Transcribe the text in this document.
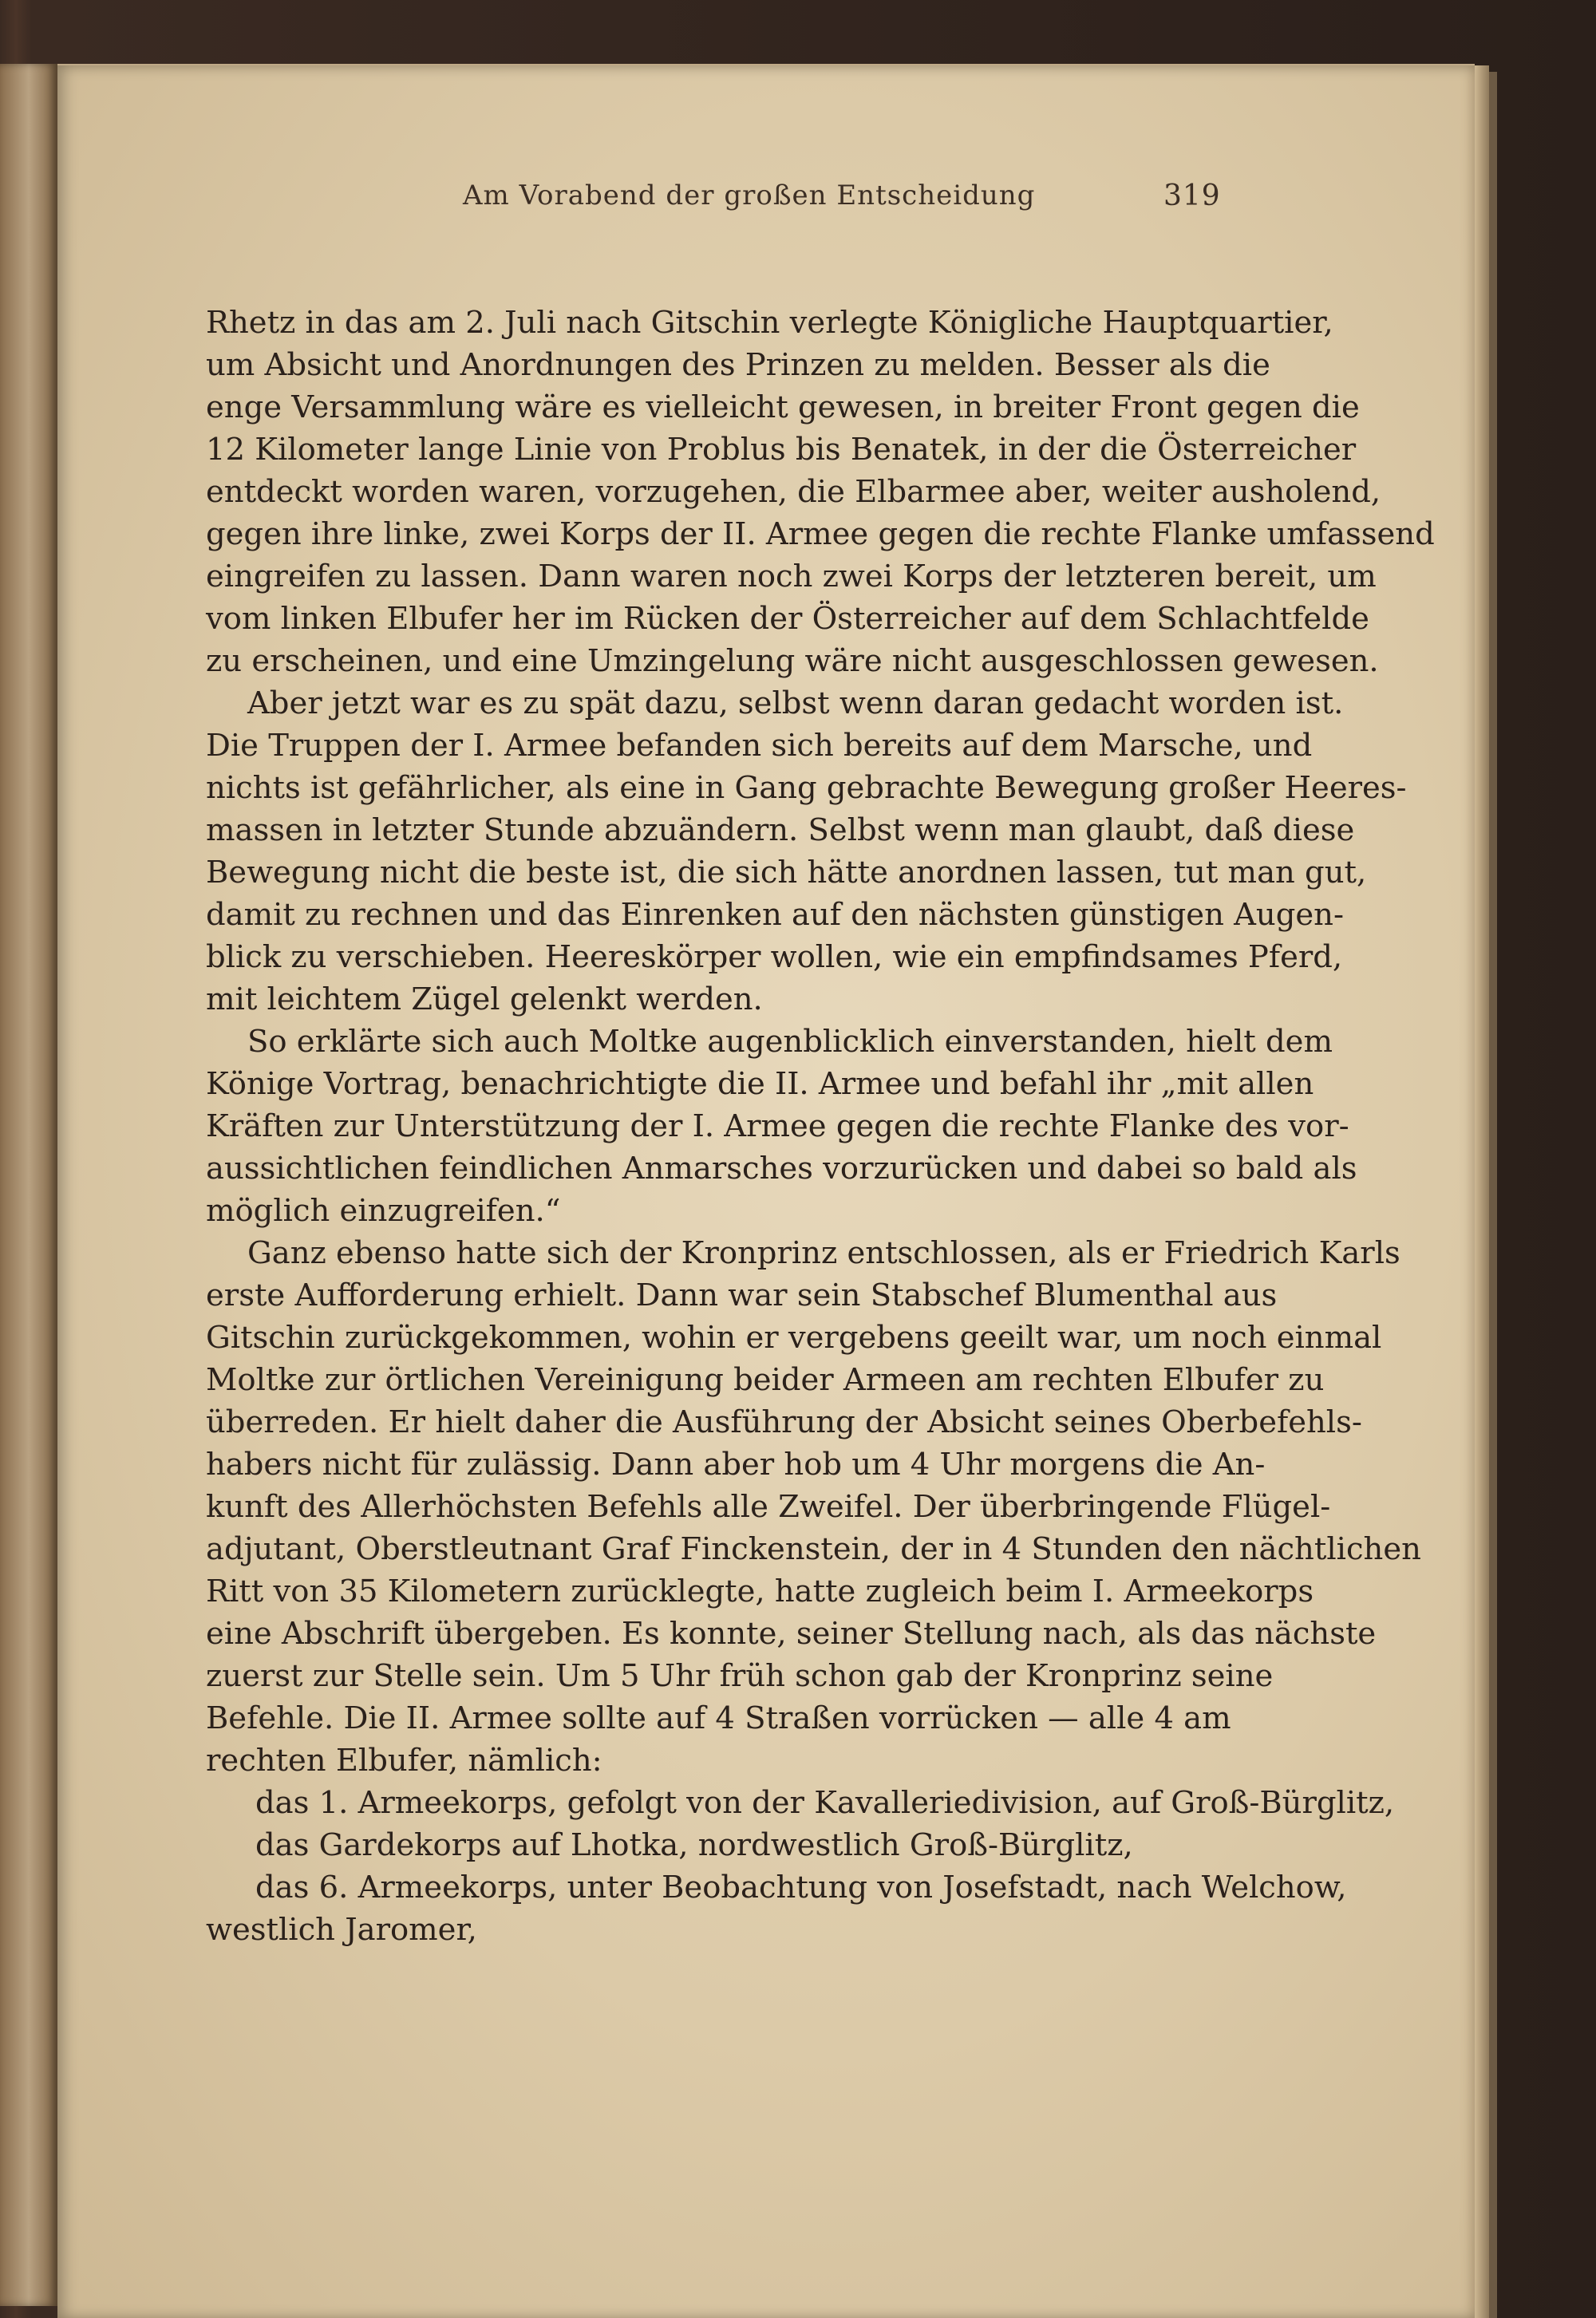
Am Vorabend der großen Entscheidung	319
Rhetz in das am 2. Juli nach Gitschin verlegte Königliche Hauptquartier,
um Absicht und Anordnungen des Prinzen zu melden. Besser als die
enge Versammlung wäre es vielleicht gewesen, in breiter Front gegen die
12 Kilometer lange Linie von Problus bis Benatek, in der die Österreicher
entdeckt worden waren, vorzugehen, die Elbarmee aber, weiter ausholend,
gegen ihre linke, zwei Korps der II. Armee gegen die rechte Flanke umfassend
eingreifen zu lassen. Dann waren noch zwei Korps der letzteren bereit, um
vom linken Elbufer her im Rücken der Österreicher auf dem Schlachtfelde
zu erscheinen, und eine Umzingelung wäre nicht ausgeschlossen gewesen.
Aber jetzt war es zu spät dazu, selbst wenn daran gedacht worden ist.
Die Truppen der I. Armee befanden sich bereits auf dem Marsche, und
nichts ist gefährlicher, als eine in Gang gebrachte Bewegung großer Heeres-
massen in letzter Stunde abzuändern. Selbst wenn man glaubt, daß diese
Bewegung nicht die beste ist, die sich hätte anordnen lassen, tut man gut,
damit zu rechnen und das Einrenken auf den nächsten günstigen Augen-
blick zu verschieben. Heereskörper wollen, wie ein empfindsames Pferd,
mit leichtem Zügel gelenkt werden.
So erklärte sich auch Moltke augenblicklich einverstanden, hielt dem
Könige Vortrag, benachrichtigte die II. Armee und befahl ihr „mit allen
Kräften zur Unterstützung der I. Armee gegen die rechte Flanke des vor-
aussichtlichen feindlichen Anmarsches vorzurücken und dabei so bald als
möglich einzugreifen.“
Ganz ebenso hatte sich der Kronprinz entschlossen, als er Friedrich Karls
erste Aufforderung erhielt. Dann war sein Stabschef Blumenthal aus
Gitschin zurückgekommen, wohin er vergebens geeilt war, um noch einmal
Moltke zur örtlichen Vereinigung beider Armeen am rechten Elbufer zu
überreden. Er hielt daher die Ausführung der Absicht seines Oberbefehls-
habers nicht für zulässig. Dann aber hob um 4 Uhr morgens die An-
kunft des Allerhöchsten Befehls alle Zweifel. Der überbringende Flügel-
adjutant, Oberstleutnant Graf Finckenstein, der in 4 Stunden den nächtlichen
Ritt von 35 Kilometern zurücklegte, hatte zugleich beim I. Armeekorps
eine Abschrift übergeben. Es konnte, seiner Stellung nach, als das nächste
zuerst zur Stelle sein. Um 5 Uhr früh schon gab der Kronprinz seine
Befehle. Die II. Armee sollte auf 4 Straßen vorrücken — alle 4 am
rechten Elbufer, nämlich:
das 1. Armeekorps, gefolgt von der Kavalleriedivision, auf Groß-Bürglitz,
das Gardekorps auf Lhotka, nordwestlich Groß-Bürglitz,
das 6. Armeekorps, unter Beobachtung von Josefstadt, nach Welchow,
westlich Jaromer,
